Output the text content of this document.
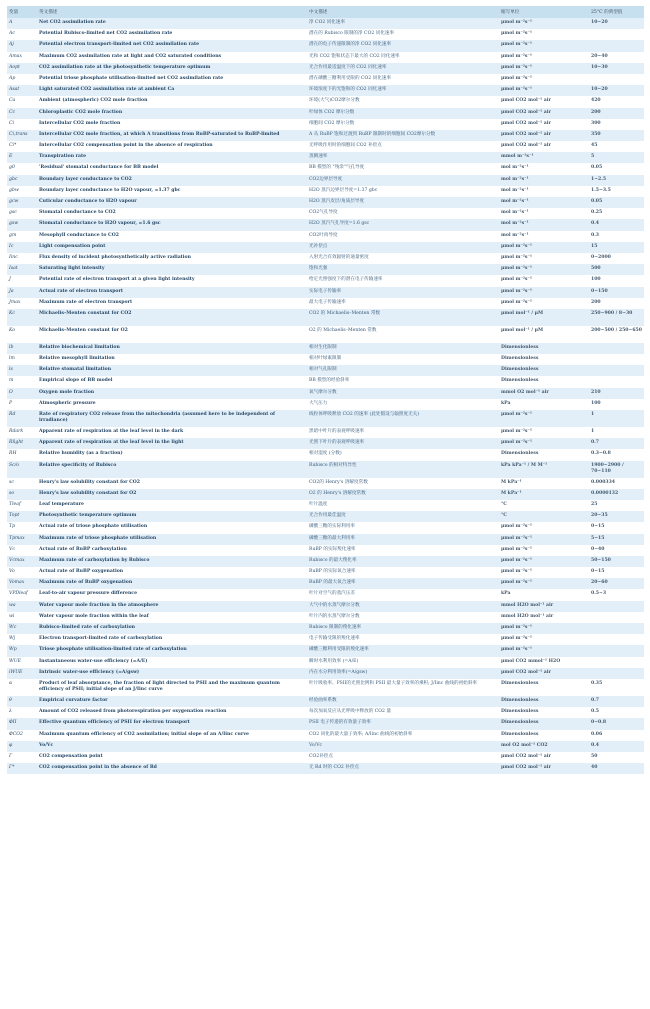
变量	英文描述	中文描述	缩写单位	25°C 的典型值
A	Net CO2 assimilation rate	净 CO2 同化速率	μmol m⁻²s⁻¹	10~20
Ac	Potential Rubisco-limited net CO2 assimilation rate	潜在的 Rubisco 限制的净 CO2 同化速率	μmol m⁻²s⁻¹	
Aj	Potential electron transport-limited net CO2 assimilation rate	潜在的电子传递限制的净 CO2 同化速率	μmol m⁻²s⁻¹	
Amax	Maximum CO2 assimilation rate at light and CO2 saturated conditions	光和 CO2 饱和状态下最大的 CO2 同化速率	μmol m⁻²s⁻¹	20~40
Aopt	CO2 assimilation rate at the photosynthetic temperature optimum	光合作用最适温度下的 CO2 同化速率	μmol m⁻²s⁻¹	10~30
Ap	Potential triose phosphate utilisation-limited net CO2 assimilation rate	潜在磷酸三糖利用受限的 CO2 同化速率	μmol m⁻²s⁻¹	
Asat	Light saturated CO2 assimilation rate at ambient Ca	环境浓度下的光饱和的 CO2 同化速率	μmol m⁻²s⁻¹	10~20
Ca	Ambient (atmospheric) CO2 mole fraction	环境(大气)CO2摩尔分数	μmol CO2 mol⁻¹ air	420
Cc	Chloroplastic CO2 mole fraction	叶绿体 CO2 摩尔分数	μmol CO2 mol⁻¹ air	200
Ci	Intercellular CO2 mole fraction	细胞间 CO2 摩尔分数	μmol CO2 mol⁻¹ air	300
Ci,trans	Intercellular CO2 mole fraction, at which A transitions from RuBP-saturated to RuBP-limited	A 从 RuBP 饱和过渡到 RuBP 限制时的细胞间 CO2摩尔分数	μmol CO2 mol⁻¹ air	350
Ci*	Intercellular CO2 compensation point in the absence of respiration	无呼吸作用时的细胞间 CO2 补偿点	μmol CO2 mol⁻¹ air	45
E	Transpiration rate	蒸腾速率	mmol m⁻²s⁻¹	5
g0	'Residual' stomatal conductance for BB model	BB 模型的 "残余"气孔导度	mol m⁻²s⁻¹	0.05
gbc	Boundary layer conductance to CO2	CO2边界层导度	mol m⁻²s⁻¹	1~2.5
gbw	Boundary layer conductance to H2O vapour, =1.37 gbc	H2O 蒸汽边界层导度=1.37 gbc	mol m⁻²s⁻¹	1.5~3.5
gcw	Cuticular conductance to H2O vapour	H2O 蒸汽皮层/角质层导度	mol m⁻²s⁻¹	0.05
gsc	Stomatal conductance to CO2	CO2气孔导度	mol m⁻²s⁻¹	0.25
gsw	Stomatal conductance to H2O vapour, =1.6 gsc	H2O 蒸汽气孔导度=1.6 gsc	mol m⁻²s⁻¹	0.4
gm	Mesophyll conductance to CO2	CO2叶肉导度	mol m⁻²s⁻¹	0.3
Ic	Light compensation point	光补偿点	μmol m⁻²s⁻¹	15
Iinc	Flux density of incident photosynthetically active radiation	入射光合有效辐射的通量密度	μmol m⁻²s⁻¹	0~2000
Isat	Saturating light intensity	饱和光强	μmol m⁻²s⁻¹	500
J	Potential rate of electron transport at a given light intensity	给定光照强度下的潜在电子传输速率	μmol m⁻²s⁻¹	100
Ja	Actual rate of electron transport	实际电子传输率	μmol m⁻²s⁻¹	0~150
Jmax	Maximum rate of electron transport	最大电子传输速率	μmol m⁻²s⁻¹	200
Kc	Michaelis–Menten constant for CO2	CO2 的 Michaelis–Menten 常数	μmol mol⁻¹ / μM	250~900 / 8~30
Ko	Michaelis–Menten constant for O2	O2 的 Michaelis–Menten 常数	μmol mol⁻¹ / μM	200~500 / 250~650
lb	Relative biochemical limitation	相对生化限制	Dimensionless	
lm	Relative mesophyll limitation	相对叶绿素限制	Dimensionless	
ls	Relative stomatal limitation	相对气孔限制	Dimensionless	
m	Empirical slope of BB model	BB 模型的经验斜率	Dimensionless	
O	Oxygen mole fraction	氧气摩尔分数	mmol O2 mol⁻¹ air	210
P	Atmospheric pressure	大气压力	kPa	100
Rd	Rate of respiratory CO2 release from the mitochondria (assumed here to be independent of irradiance)	线粒体呼吸释放 CO2 的速率 (此处假设与辐照度无关)	μmol m⁻²s⁻¹	1
Rdark	Apparent rate of respiration at the leaf level in the dark	黑暗中叶片的表观呼吸速率	μmol m⁻²s⁻¹	1
Rlight	Apparent rate of respiration at the leaf level in the light	光照下叶片的表观呼吸速率	μmol m⁻²s⁻¹	0.7
RH	Relative humidity (as a fraction)	相对湿度 (分数)	Dimensionless	0.3~0.8
Sc/o	Relative specificity of Rubisco	Rubisco 的相对特异性	kPa kPa⁻¹ / M M⁻¹	1900~2900 / 70~110
sc	Henry's law solubility constant for CO2	CO2的 Henry's 溶解度常数	M kPa⁻¹	0.000334
so	Henry's law solubility constant for O2	O2 的 Henry's 溶解度常数	M kPa⁻¹	0.0000132
Tleaf	Leaf temperature	叶片温度	°C	25
Topt	Photosynthetic temperature optimum	光合作用最佳温度	°C	20~35
Tp	Actual rate of triose phosphate utilisation	磷酸三糖的实际利用率	μmol m⁻²s⁻¹	0~15
Tpmax	Maximum rate of triose phosphate utilisation	磷酸三糖的最大利用率	μmol m⁻²s⁻¹	5~15
Vc	Actual rate of RuBP carboxylation	RuBP 的实际羧化速率	μmol m⁻²s⁻¹	0~40
Vcmax	Maximum rate of carboxylation by Rubisco	Rubisco 的最大羧化率	μmol m⁻²s⁻¹	50~150
Vo	Actual rate of RuBP oxygenation	RuBP 的实际氧合速率	μmol m⁻²s⁻¹	0~15
Vomax	Maximum rate of RuBP oxygenation	RuBP 的最大氧合速率	μmol m⁻²s⁻¹	20~60
VPDleaf	Leaf-to-air vapour pressure difference	叶片对空气的蒸汽压差	kPa	0.5~3
wa	Water vapour mole fraction in the atmosphere	大气中的水蒸气摩尔分数	mmol H2O mol⁻¹ air	
wi	Water vapour mole fraction within the leaf	叶片内的水蒸气摩尔分数	mmol H2O mol⁻¹ air	
Wc	Rubisco-limited rate of carboxylation	Rubisco 限制的羧化速率	μmol m⁻²s⁻¹	
Wj	Electron transport-limited rate of carboxylation	电子传输受限的羧化速率	μmol m⁻²s⁻¹	
Wp	Triose phosphate utilisation-limited rate of carboxylation	磷酸三糖利用受限的羧化速率	μmol m⁻²s⁻¹	
WUE	Instantaneous water-use efficiency (=A/E)	瞬时水利用效率 (=A/E)	μmol CO2 mmol⁻¹ H2O	
iWUE	Intrinsic water-use efficiency (=A/gsw)	内在水分利用效率(=A/gsw)	μmol CO2 mol⁻¹ air	
α	Product of leaf absorptance, the fraction of light directed to PSII and the maximum quantum efficiency of PSII; initial slope of an J/Iinc curve	叶片吸收率、PSII的光照比例和 PSII 最大量子效率的乘积; J/Iinc 曲线的初始斜率	Dimensionless	0.35
θ	Empirical curvature factor	经验曲率系数	Dimensionless	0.7
λ	Amount of CO2 released from photorespiration per oxygenation reaction	每次加氧反应从光呼吸中释放的 CO2 量	Dimensionless	0.5
ΦII	Effective quantum efficiency of PSII for electron transport	PSII 电子传递的有效量子效率	Dimensionless	0~0.8
ΦCO2	Maximum quantum efficiency of CO2 assimilation; initial slope of an A/Iinc curve	CO2 同化的最大量子效率; A/Iinc 曲线的初始斜率	Dimensionless	0.06
φ	Vo/Vc	Vo/Vc	mol O2 mol⁻¹ CO2	0.4
Γ	CO2 compensation point	CO2补偿点	μmol CO2 mol⁻¹ air	50
Γ*	CO2 compensation point in the absence of Rd	无 Rd 时的 CO2 补偿点	μmol CO2 mol⁻¹ air	40
